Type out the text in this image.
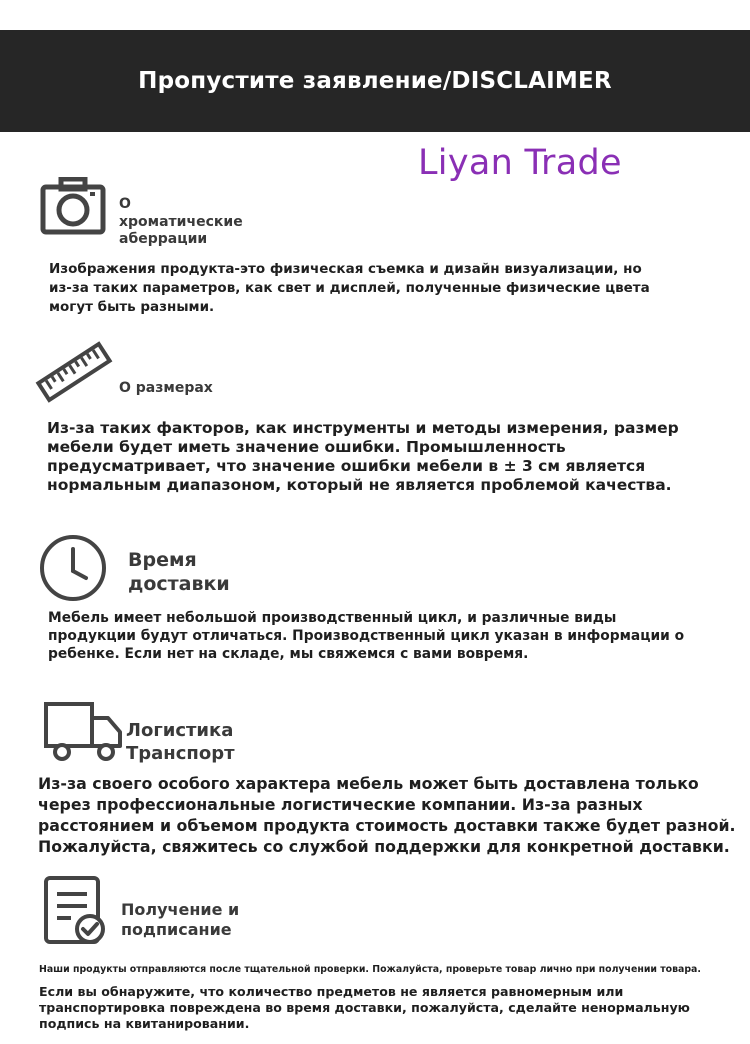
Пропустите заявление/DISCLAIMER
Liyan Trade
О
хроматические
аберрации

Изображения продукта-это физическая съемка и дизайн визуализации, но из-за таких параметров, как свет и дисплей, полученные физические цвета могут быть разными.

О размерах

Из-за таких факторов, как инструменты и методы измерения, размер мебели будет иметь значение ошибки. Промышленность предусматривает, что значение ошибки мебели в ± 3 см является нормальным диапазоном, который не является проблемой качества.

Время
доставки

Мебель имеет небольшой производственный цикл, и различные виды продукции будут отличаться. Производственный цикл указан в информации о ребенке. Если нет на складе, мы свяжемся с вами вовремя.

Логистика
Транспорт

Из-за своего особого характера мебель может быть доставлена только через профессиональные логистические компании. Из-за разных расстоянием и объемом продукта стоимость доставки также будет разной. Пожалуйста, свяжитесь со службой поддержки для конкретной доставки.

Получение и
подписание

Наши продукты отправляются после тщательной проверки. Пожалуйста, проверьте товар лично при получении товара.

Если вы обнаружите, что количество предметов не является равномерным или транспортировка повреждена во время доставки, пожалуйста, сделайте ненормальную подпись на квитанировании.
